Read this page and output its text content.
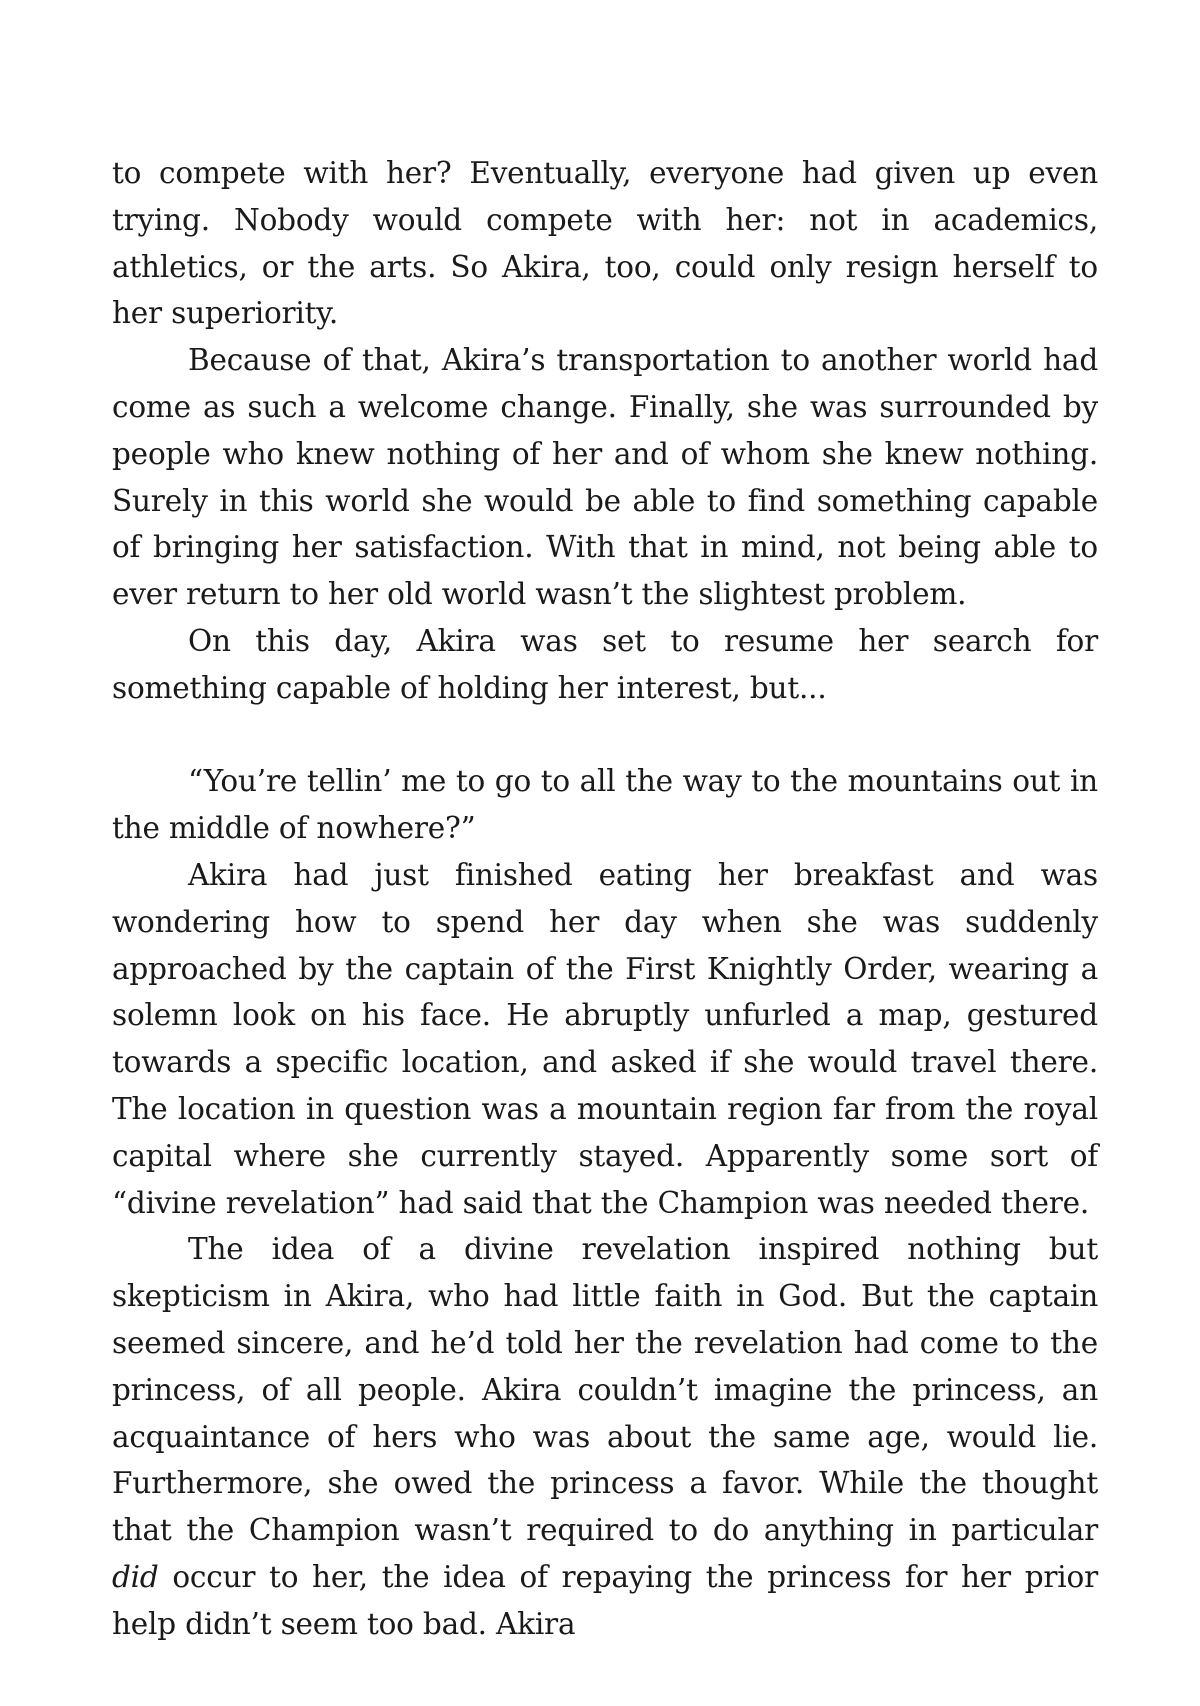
to compete with her? Eventually, everyone had given up even trying. Nobody would compete with her: not in academics, athletics, or the arts. So Akira, too, could only resign herself to her superiority.

Because of that, Akira’s transportation to another world had come as such a welcome change. Finally, she was surrounded by people who knew nothing of her and of whom she knew nothing. Surely in this world she would be able to find something capable of bringing her satisfaction. With that in mind, not being able to ever return to her old world wasn’t the slightest problem.

On this day, Akira was set to resume her search for something capable of holding her interest, but...

“You’re tellin’ me to go to all the way to the mountains out in the middle of nowhere?”

Akira had just finished eating her breakfast and was wondering how to spend her day when she was suddenly approached by the captain of the First Knightly Order, wearing a solemn look on his face. He abruptly unfurled a map, gestured towards a specific location, and asked if she would travel there. The location in question was a mountain region far from the royal capital where she currently stayed. Apparently some sort of “divine revelation” had said that the Champion was needed there.

The idea of a divine revelation inspired nothing but skepticism in Akira, who had little faith in God. But the captain seemed sincere, and he’d told her the revelation had come to the princess, of all people. Akira couldn’t imagine the princess, an acquaintance of hers who was about the same age, would lie. Furthermore, she owed the princess a favor. While the thought that the Champion wasn’t required to do anything in particular did occur to her, the idea of repaying the princess for her prior help didn’t seem too bad. Akira
